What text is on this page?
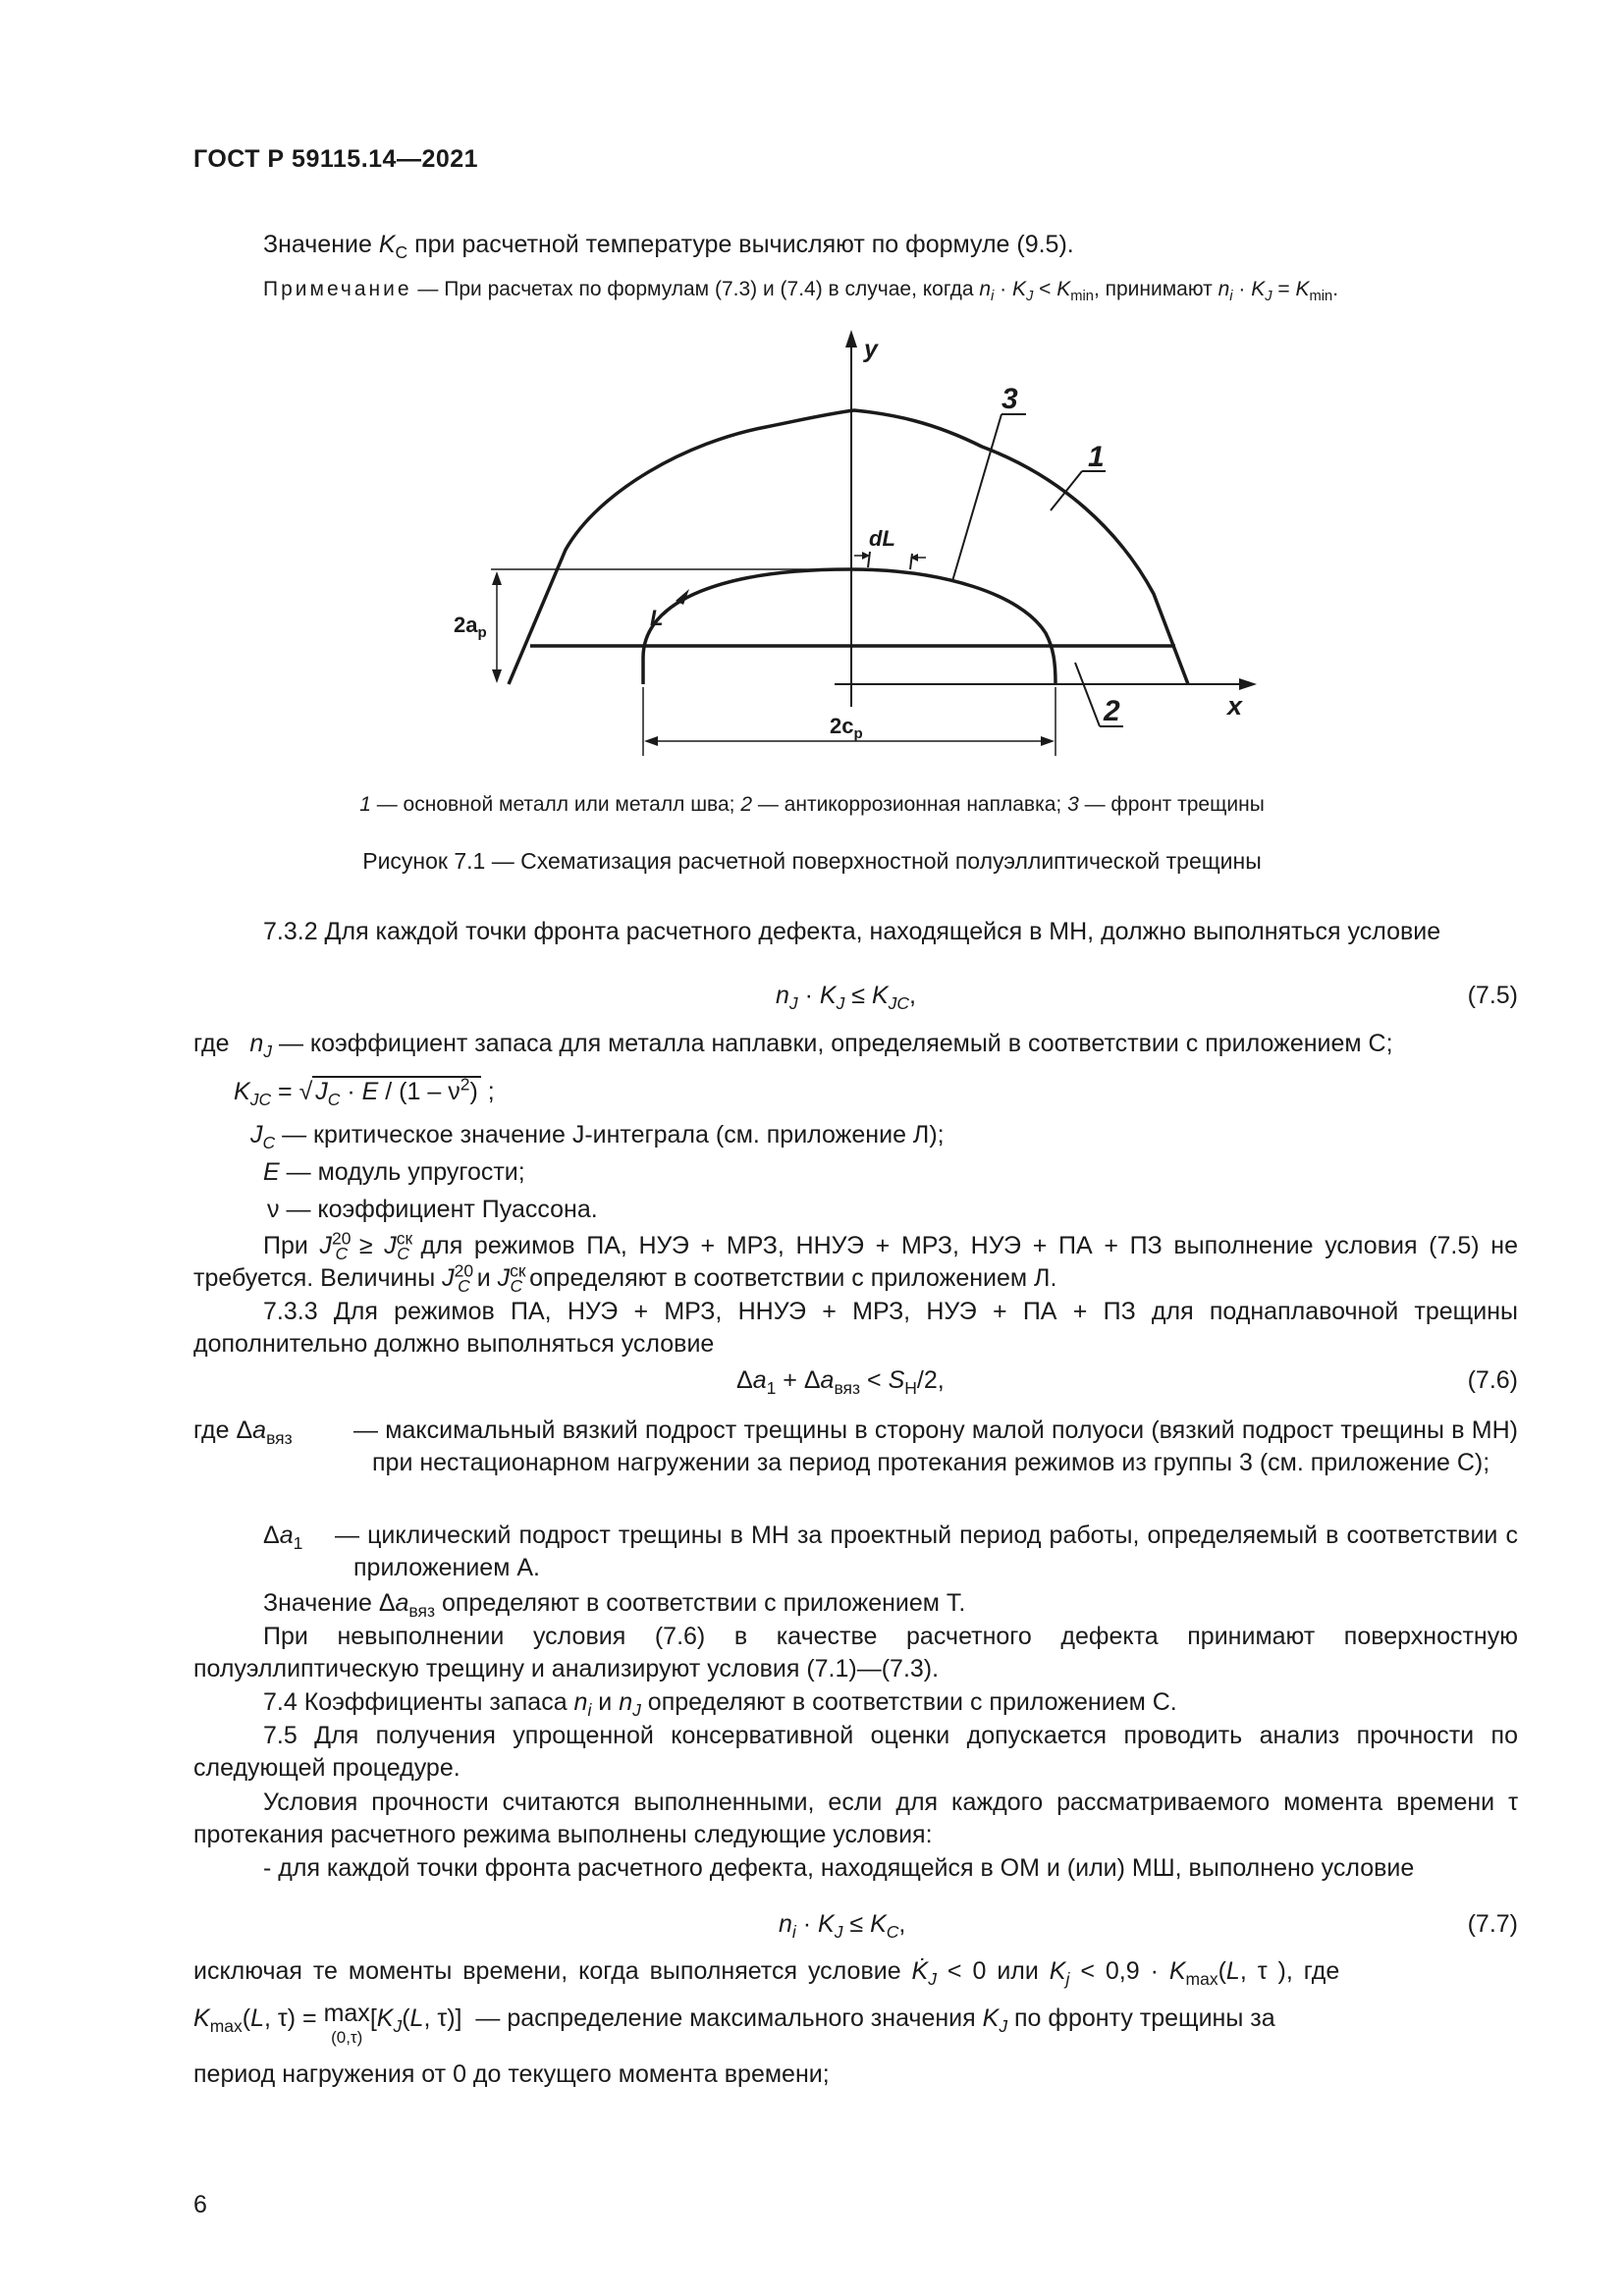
ГОСТ Р 59115.14—2021
Значение $K_C$ при расчетной температуре вычисляют по формуле (9.5).
Примечание — При расчетах по формулам (7.3) и (7.4) в случае, когда $n_i \cdot K_J < K_{min}$, принимают $n_i \cdot K_J = K_{min}$.
L
dL
3
1
2
$2a_p$
$2c_p$
y
x
1 — основной металл или металл шва; 2 — антикоррозионная наплавка; 3 — фронт трещины
Рисунок 7.1 — Схематизация расчетной поверхностной полуэллиптической трещины
7.3.2 Для каждой точки фронта расчетного дефекта, находящейся в МН, должно выполняться условие
$n_J \cdot K_J \le K_{JC}$,	(7.5)
где $n_J$ — коэффициент запаса для металла наплавки, определяемый в соответствии с приложением С;
$K_{JC}$ = √ $J_C \cdot E / (1 - \nu^2)$ ;
$J_C$ — критическое значение J-интеграла (см. приложение Л);
E — модуль упругости;
ν — коэффициент Пуассона.
При $J^{20}_C \ge J^{ск}_C$ для режимов ПА, НУЭ + МРЗ, ННУЭ + МРЗ, НУЭ + ПА + ПЗ выполнение условия (7.5) не требуется. Величины $J^{20}_C$ и $J^{ск}_C$ определяют в соответствии с приложением Л.
7.3.3 Для режимов ПА, НУЭ + МРЗ, ННУЭ + МРЗ, НУЭ + ПА + ПЗ для поднаплавочной трещины дополнительно должно выполняться условие
$\Delta a_1 + \Delta a_{вяз} < S_H/2$,	(7.6)
где $\Delta a_{вяз}$ — максимальный вязкий подрост трещины в сторону малой полуоси (вязкий подрост трещины в МН) при нестационарном нагружении за период протекания режимов из группы 3 (см. приложение С);
$\Delta a_1$ — циклический подрост трещины в МН за проектный период работы, определяемый в соответствии с приложением А.
Значение $\Delta a_{вяз}$ определяют в соответствии с приложением Т.
При невыполнении условия (7.6) в качестве расчетного дефекта принимают поверхностную полуэллиптическую трещину и анализируют условия (7.1)—(7.3).
7.4 Коэффициенты запаса $n_i$ и $n_J$ определяют в соответствии с приложением С.
7.5 Для получения упрощенной консервативной оценки допускается проводить анализ прочности по следующей процедуре.
Условия прочности считаются выполненными, если для каждого рассматриваемого момента времени τ протекания расчетного режима выполнены следующие условия:
- для каждой точки фронта расчетного дефекта, находящейся в ОМ и (или) МШ, выполнено условие
$n_i \cdot K_J \le K_C$,	(7.7)
исключая те моменты времени, когда выполняется условие $K̇_J < 0$ или $K_j < 0,9 \cdot K_{max}(L$, τ ), где
$K_{max}(L$, τ) = max
$(0,\tau)[K_J(L$, τ)]  — распределение максимального значения $K_J$ по фронту трещины за
период нагружения от 0 до текущего момента времени;
6
